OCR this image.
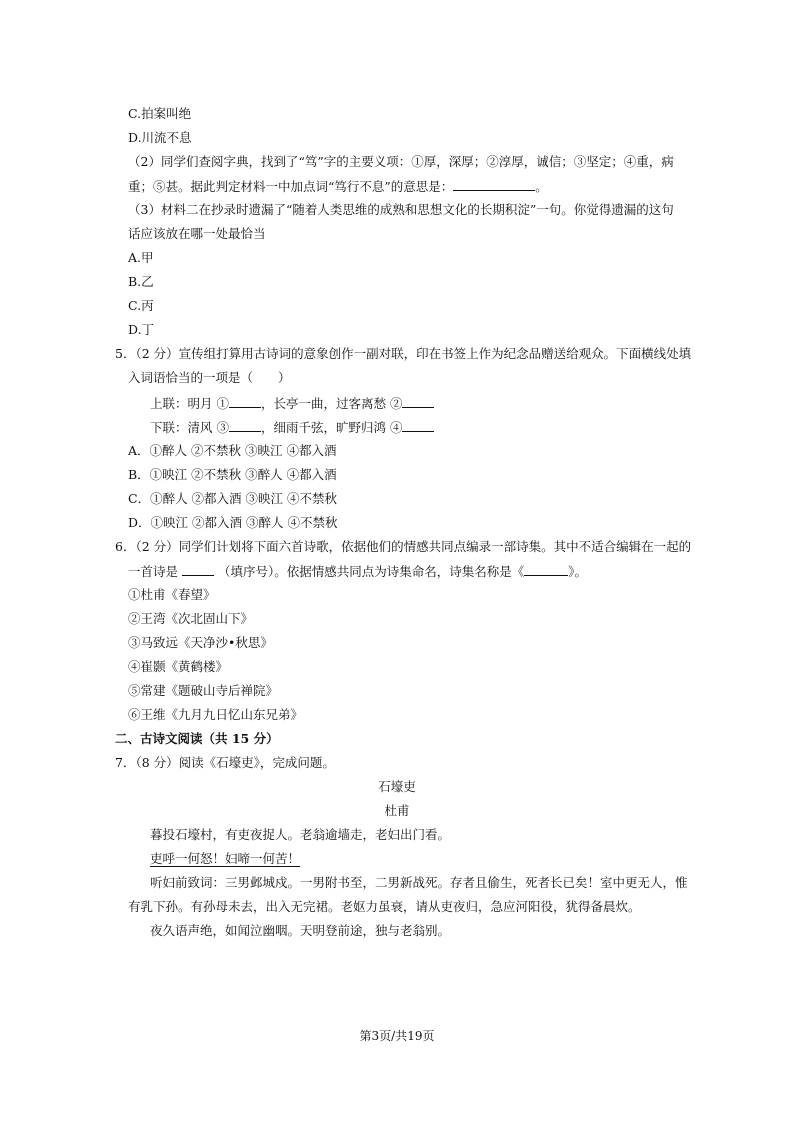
C.拍案叫绝
D.川流不息
（2）同学们查阅字典，找到了“笃”字的主要义项：①厚，深厚；②淳厚，诚信；③坚定；④重，病
重；⑤甚。据此判定材料一中加点词“笃行不息”的意思是：	。
（3）材料二在抄录时遗漏了“随着人类思维的成熟和思想文化的长期积淀”一句。你觉得遗漏的这句
话应该放在哪一处最恰当
A.甲
B.乙
C.丙
D.丁
5．（2 分）宣传组打算用古诗词的意象创作一副对联，印在书签上作为纪念品赠送给观众。下面横线处填
入词语恰当的一项是（　　）
上联：明月 ①	，长亭一曲，过客离愁 ②
下联：清风 ③	，细雨千弦，旷野归鸿 ④
A．①醉人 ②不禁秋 ③映江 ④都入酒
B．①映江 ②不禁秋 ③醉人 ④都入酒
C．①醉人 ②都入酒 ③映江 ④不禁秋
D．①映江 ②都入酒 ③醉人 ④不禁秋
6．（2 分）同学们计划将下面六首诗歌，依据他们的情感共同点编录一部诗集。其中不适合编辑在一起的
一首诗是	（填序号）。依据情感共同点为诗集命名，诗集名称是《	》。
①杜甫《春望》
②王湾《次北固山下》
③马致远《天净沙•秋思》
④崔颢《黄鹤楼》
⑤常建《题破山寺后禅院》
⑥王维《九月九日忆山东兄弟》
二、古诗文阅读（共 15 分）
7．（8 分）阅读《石壕吏》，完成问题。
石壕吏
杜甫
暮投石壕村，有吏夜捉人。老翁逾墙走，老妇出门看。
吏呼一何怒！妇啼一何苦！
听妇前致词：三男邺城戍。一男附书至，二男新战死。存者且偷生，死者长已矣！室中更无人，惟
有乳下孙。有孙母未去，出入无完裙。老妪力虽衰，请从吏夜归，急应河阳役，犹得备晨炊。
夜久语声绝，如闻泣幽咽。天明登前途，独与老翁别。
第3页/共19页
